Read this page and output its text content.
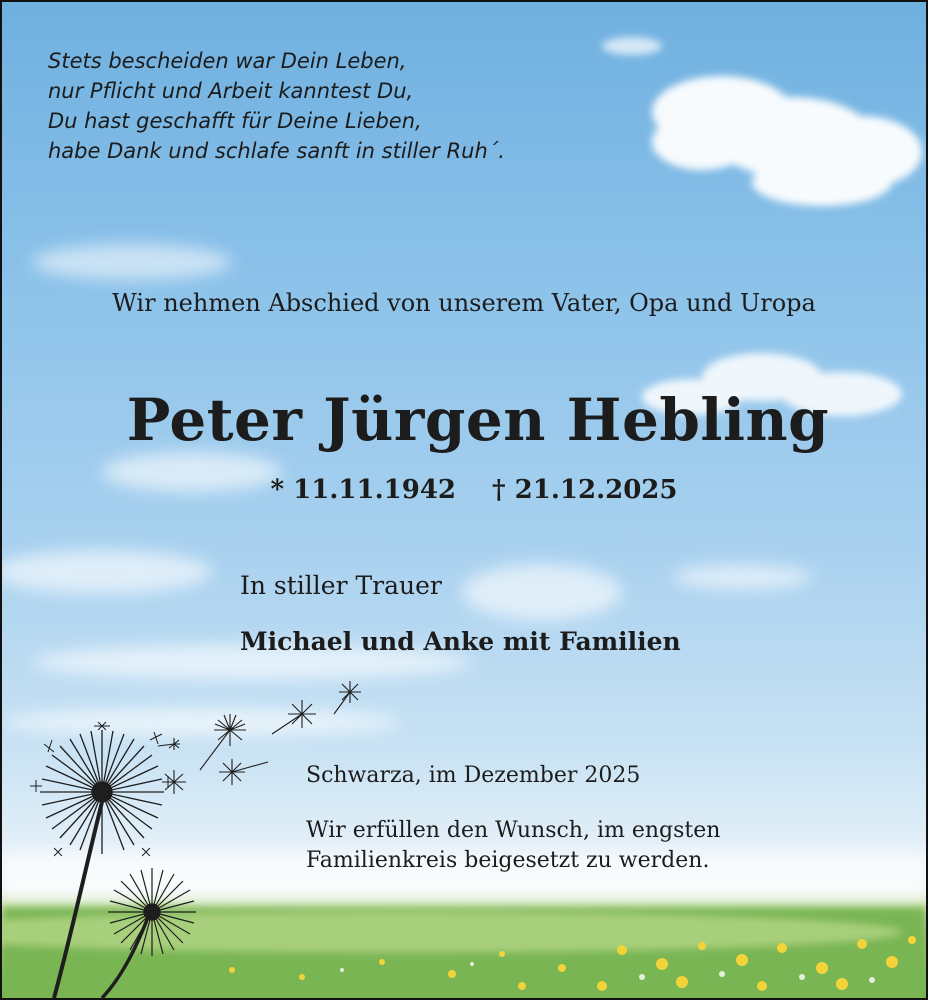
Stets bescheiden war Dein Leben,
nur Pflicht und Arbeit kanntest Du,
Du hast geschafft für Deine Lieben,
habe Dank und schlafe sanft in stiller Ruh´.
Wir nehmen Abschied von unserem Vater, Opa und Uropa
Peter Jürgen Hebling
* 11.11.1942 † 21.12.2025
In stiller Trauer
Michael und Anke mit Familien
Schwarza, im Dezember 2025
Wir erfüllen den Wunsch, im engsten
Familienkreis beigesetzt zu werden.
